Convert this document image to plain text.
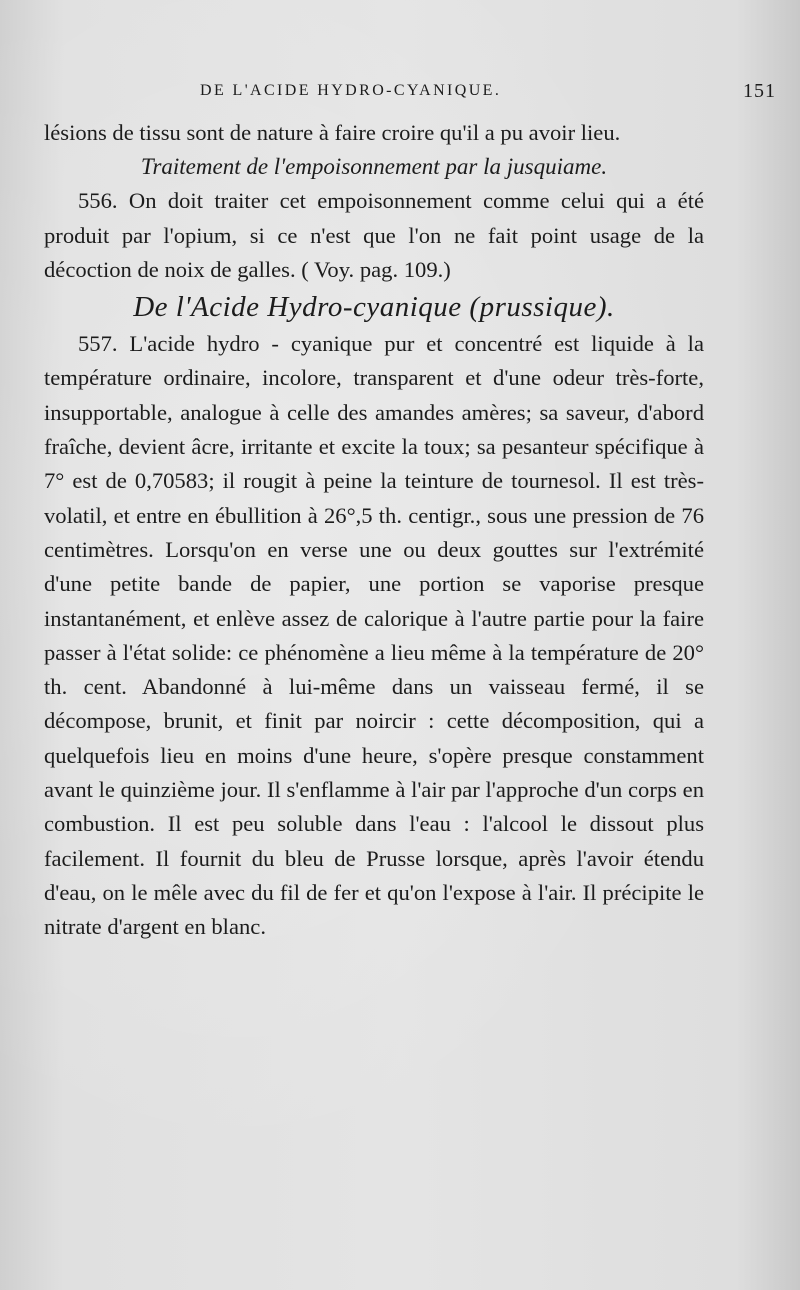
DE L'ACIDE HYDRO-CYANIQUE.	151

lésions de tissu sont de nature à faire croire qu'il a pu avoir lieu.

Traitement de l'empoisonnement par la jusquiame.

556. On doit traiter cet empoisonnement comme celui qui a été produit par l'opium, si ce n'est que l'on ne fait point usage de la décoction de noix de galles. ( Voy. pag. 109.)

De l'Acide Hydro-cyanique (prussique).

557. L'acide hydro - cyanique pur et concentré est liquide à la température ordinaire, incolore, transparent et d'une odeur très-forte, insupportable, analogue à celle des amandes amères; sa saveur, d'abord fraîche, devient âcre, irritante et excite la toux; sa pesanteur spécifique à 7° est de 0,70583; il rougit à peine la teinture de tournesol. Il est très-volatil, et entre en ébullition à 26°,5 th. centigr., sous une pression de 76 centimètres. Lorsqu'on en verse une ou deux gouttes sur l'extrémité d'une petite bande de papier, une portion se vaporise presque instantanément, et enlève assez de calorique à l'autre partie pour la faire passer à l'état solide: ce phénomène a lieu même à la température de 20° th. cent. Abandonné à lui-même dans un vaisseau fermé, il se décompose, brunit, et finit par noircir : cette décomposition, qui a quelquefois lieu en moins d'une heure, s'opère presque constamment avant le quinzième jour. Il s'enflamme à l'air par l'approche d'un corps en combustion. Il est peu soluble dans l'eau : l'alcool le dissout plus facilement. Il fournit du bleu de Prusse lorsque, après l'avoir étendu d'eau, on le mêle avec du fil de fer et qu'on l'expose à l'air. Il précipite le nitrate d'argent en blanc.
